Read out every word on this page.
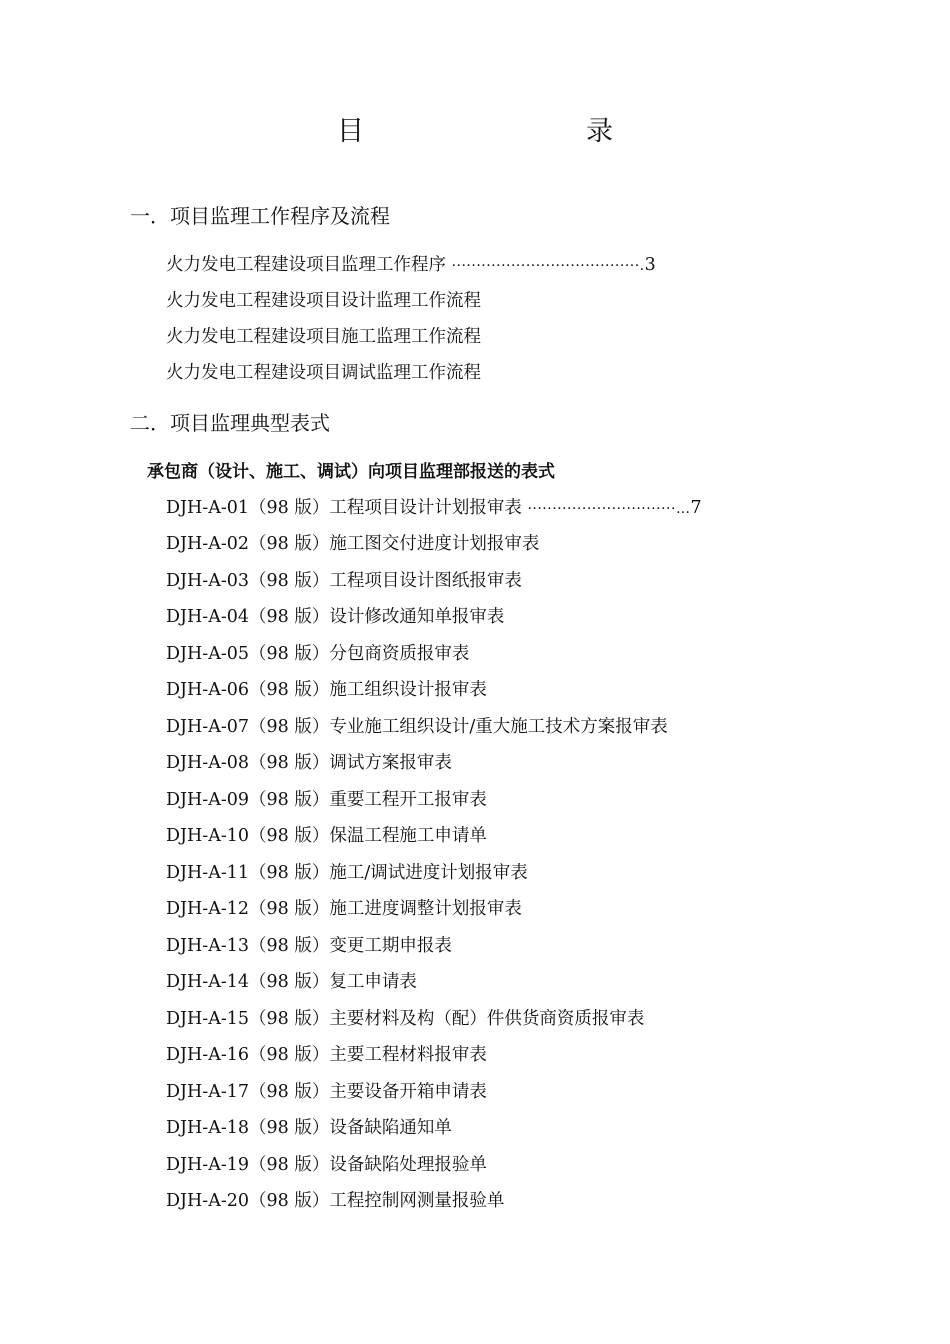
目　　录
一．项目监理工作程序及流程
火力发电工程建设项目监理工作程序 ······································.3
火力发电工程建设项目设计监理工作流程
火力发电工程建设项目施工监理工作流程
火力发电工程建设项目调试监理工作流程
二．项目监理典型表式
承包商（设计、施工、调试）向项目监理部报送的表式
DJH-A-01（98 版）工程项目设计计划报审表 ······························…7
DJH-A-02（98 版）施工图交付进度计划报审表
DJH-A-03（98 版）工程项目设计图纸报审表
DJH-A-04（98 版）设计修改通知单报审表
DJH-A-05（98 版）分包商资质报审表
DJH-A-06（98 版）施工组织设计报审表
DJH-A-07（98 版）专业施工组织设计/重大施工技术方案报审表
DJH-A-08（98 版）调试方案报审表
DJH-A-09（98 版）重要工程开工报审表
DJH-A-10（98 版）保温工程施工申请单
DJH-A-11（98 版）施工/调试进度计划报审表
DJH-A-12（98 版）施工进度调整计划报审表
DJH-A-13（98 版）变更工期申报表
DJH-A-14（98 版）复工申请表
DJH-A-15（98 版）主要材料及构（配）件供货商资质报审表
DJH-A-16（98 版）主要工程材料报审表
DJH-A-17（98 版）主要设备开箱申请表
DJH-A-18（98 版）设备缺陷通知单
DJH-A-19（98 版）设备缺陷处理报验单
DJH-A-20（98 版）工程控制网测量报验单
